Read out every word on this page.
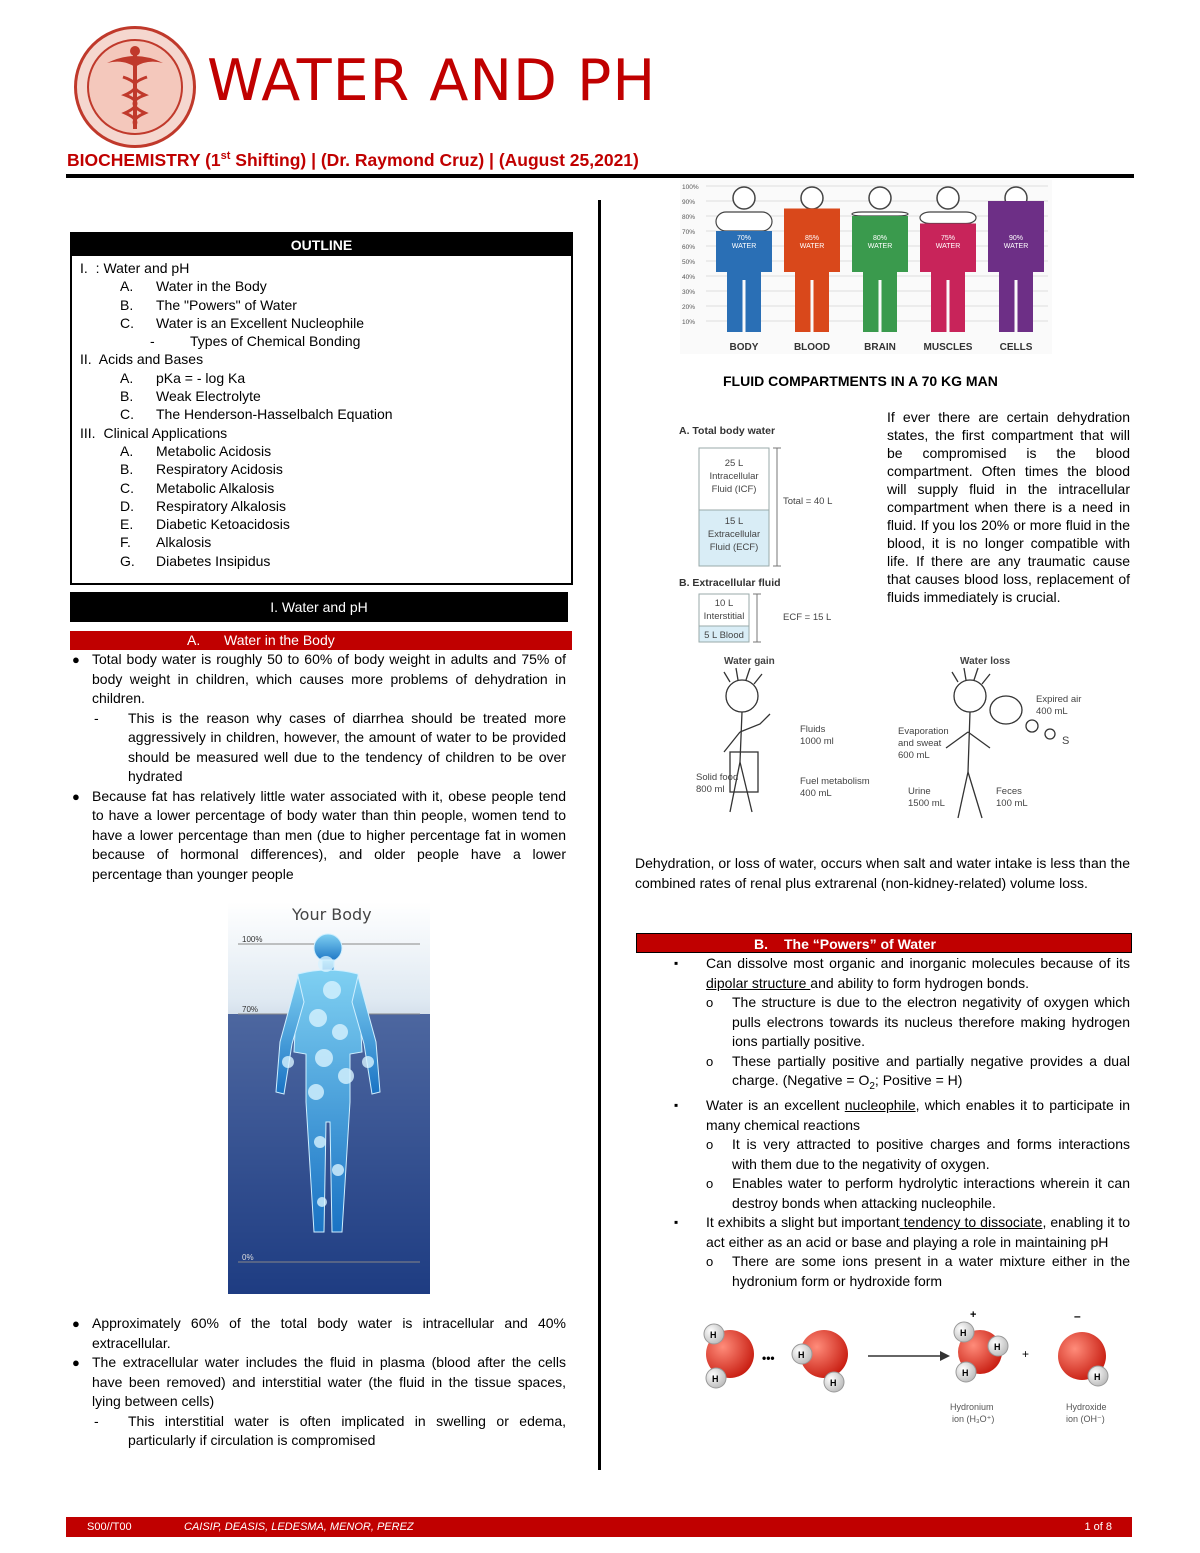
WATER AND PH
BIOCHEMISTRY (1st Shifting) | (Dr. Raymond Cruz) | (August 25,2021)
OUTLINE
I. : Water and pH
A. Water in the Body
B. The "Powers" of Water
C. Water is an Excellent Nucleophile
-	Types of Chemical Bonding
II. Acids and Bases
A. pKa = - log Ka
B. Weak Electrolyte
C. The Henderson-Hasselbalch Equation
III. Clinical Applications
A. Metabolic Acidosis
B. Respiratory Acidosis
C. Metabolic Alkalosis
D. Respiratory Alkalosis
E. Diabetic Ketoacidosis
F. Alkalosis
G. Diabetes Insipidus
I. Water and pH
A. Water in the Body
● Total body water is roughly 50 to 60% of body weight in adults and 75% of body weight in children, which causes more problems of dehydration in children.
- This is the reason why cases of diarrhea should be treated more aggressively in children, however, the amount of water to be provided should be measured well due to the tendency of children to be over hydrated
● Because fat has relatively little water associated with it, obese people tend to have a lower percentage of body water than thin people, women tend to have a lower percentage than men (due to higher percentage fat in women because of hormonal differences), and older people have a lower percentage than younger people
Your Body
100%
70%
0%
● Approximately 60% of the total body water is intracellular and 40% extracellular.
● The extracellular water includes the fluid in plasma (blood after the cells have been removed) and interstitial water (the fluid in the tissue spaces, lying between cells)
- This interstitial water is often implicated in swelling or edema, particularly if circulation is compromised
100%
90%
80%
70%
60%
50%
40%
30%
20%
10%
70%
WATER
BODY
85%
WATER
BLOOD
80%
WATER
BRAIN
75%
WATER
MUSCLES
90%
WATER
CELLS
FLUID COMPARTMENTS IN A 70 KG MAN
A. Total body water
25 L
Intracellular
Fluid (ICF)
15 L
Extracellular
Fluid (ECF)
Total = 40 L
B. Extracellular fluid
10 L
Interstitial
5 L Blood
ECF = 15 L
If ever there are certain dehydration states, the first compartment that will be compromised is the blood compartment. Often times the blood will supply fluid in the intracellular compartment when there is a need in fluid. If you los 20% or more fluid in the blood, it is no longer compatible with life. If there are any traumatic cause that causes blood loss, replacement of fluids immediately is crucial.
Water gain	Water loss
Fluids
1000 ml
Solid food
800 ml
Fuel metabolism
400 mL
S
Expired air
400 mL
Evaporation
and sweat
600 mL
Urine
1500 mL
Feces
100 mL
Dehydration, or loss of water, occurs when salt and water intake is less than the combined rates of renal plus extrarenal (non-kidney-related) volume loss.
B. The “Powers” of Water
▪ Can dissolve most organic and inorganic molecules because of its dipolar structure and ability to form hydrogen bonds.
o The structure is due to the electron negativity of oxygen which pulls electrons towards its nucleus therefore making hydrogen ions partially positive.
o These partially positive and partially negative provides a dual charge. (Negative = $O_2$; Positive = H)
▪ Water is an excellent nucleophile, which enables it to participate in many chemical reactions
o It is very attracted to positive charges and forms interactions with them due to the negativity of oxygen.
o Enables water to perform hydrolytic interactions wherein it can destroy bonds when attacking nucleophile.
▪ It exhibits a slight but important tendency to dissociate, enabling it to act either as an acid or base and playing a role in maintaining pH
o There are some ions present in a water mixture either in the hydronium form or hydroxide form
H
H
•••	H
H
+
H
H
H
+
–
H
Hydronium
ion (H₃O⁺)
Hydroxide
ion (OH⁻)
S00//T00	CAISIP, DEASIS, LEDESMA, MENOR, PEREZ	1 of 8
